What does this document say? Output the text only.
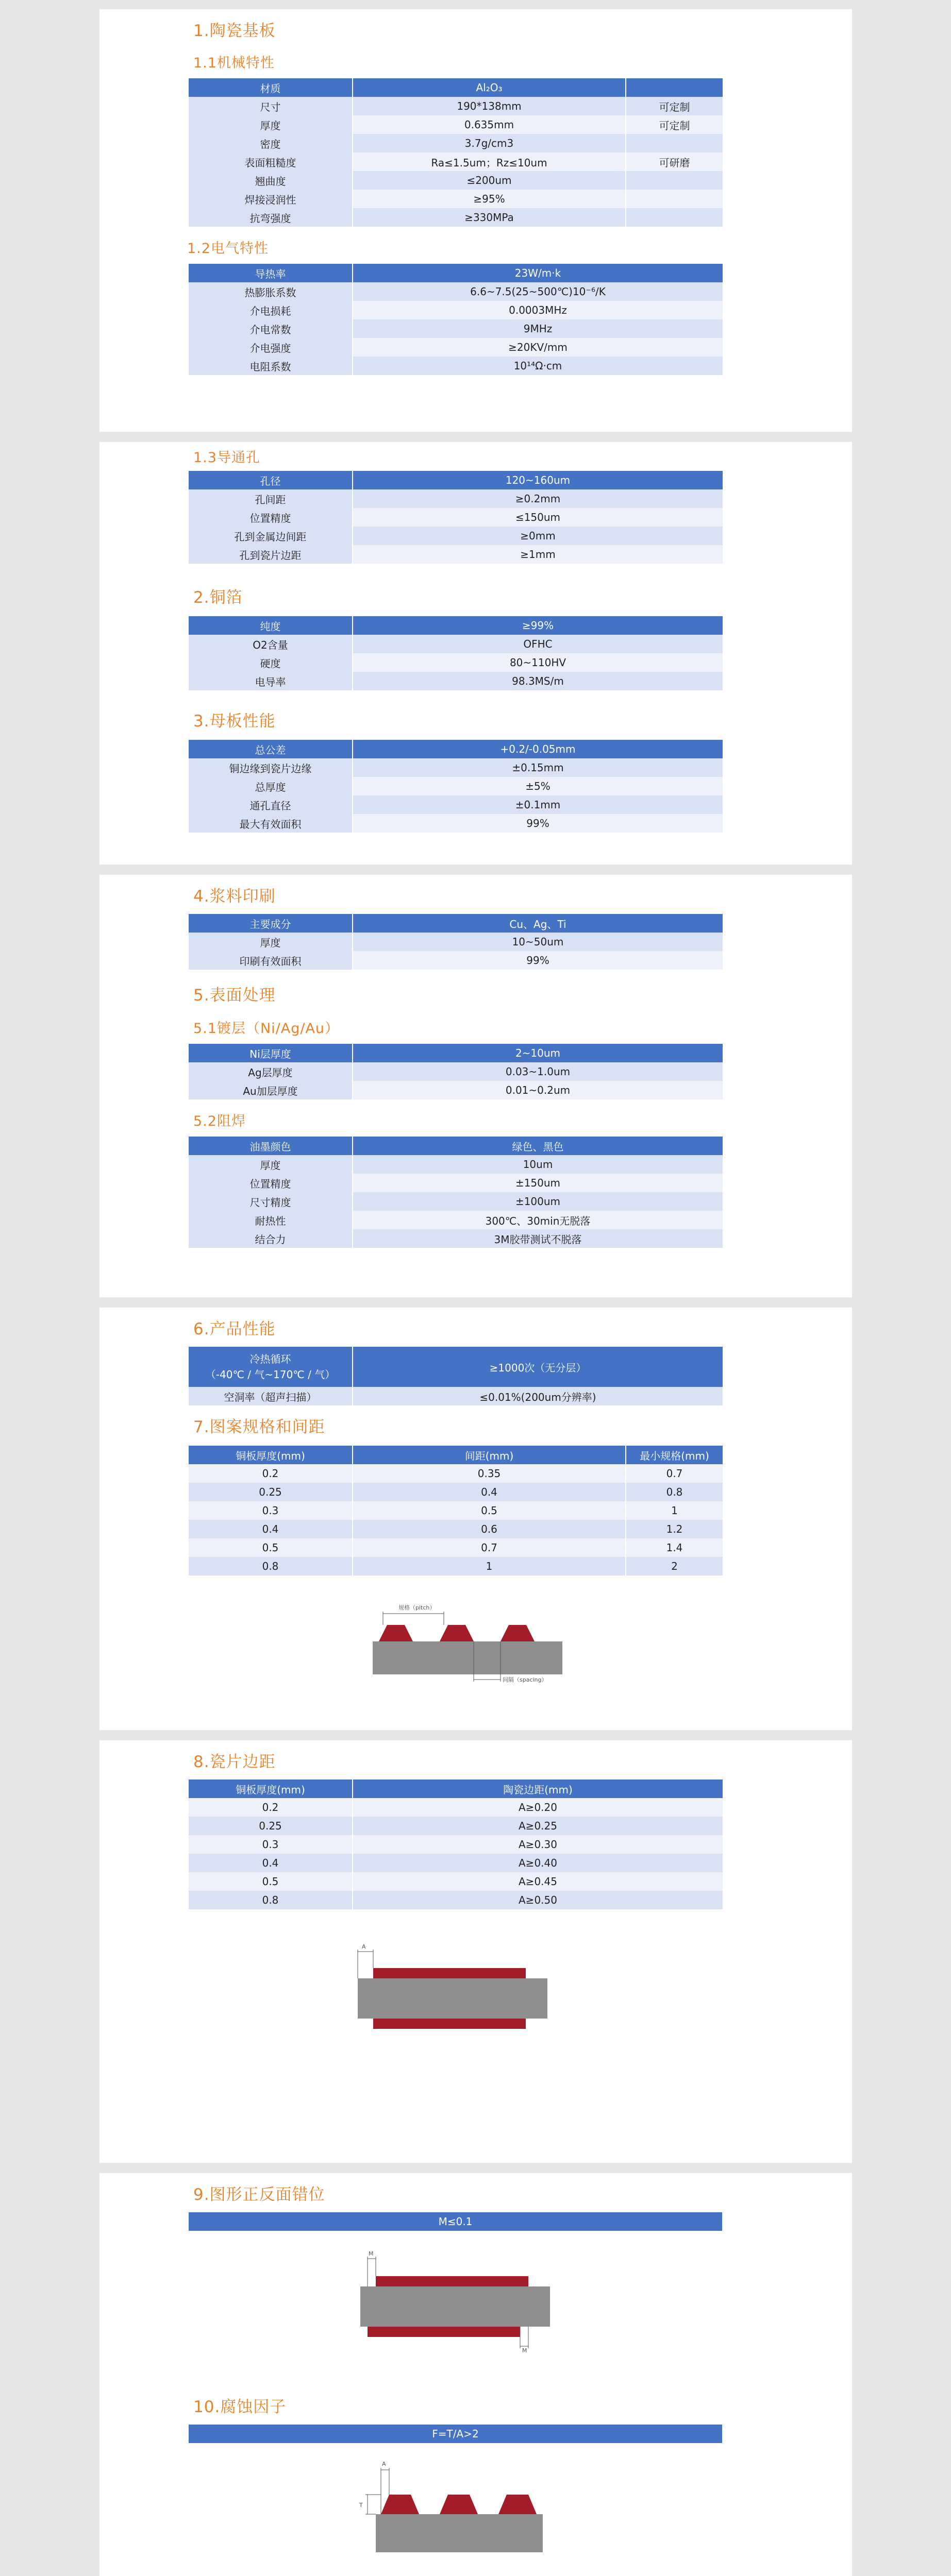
1.陶瓷基板
1.1机械特性
材质	Al₂O₃	
尺寸	190*138mm	可定制
厚度	0.635mm	可定制
密度	3.7g/cm3	
表面粗糙度	Ra≤1.5um；Rz≤10um	可研磨
翘曲度	≤200um	
焊接浸润性	≥95%	
抗弯强度	≥330MPa	
1.2电气特性
导热率	23W/m·k
热膨胀系数	6.6~7.5(25~500℃)10⁻⁶/K
介电损耗	0.0003MHz
介电常数	9MHz
介电强度	≥20KV/mm
电阻系数	10¹⁴Ω·cm
1.3导通孔
孔径	120~160um
孔间距	≥0.2mm
位置精度	≤150um
孔到金属边间距	≥0mm
孔到瓷片边距	≥1mm
2.铜箔
纯度	≥99%
O2含量	OFHC
硬度	80~110HV
电导率	98.3MS/m
3.母板性能
总公差	+0.2/-0.05mm
铜边缘到瓷片边缘	±0.15mm
总厚度	±5%
通孔直径	±0.1mm
最大有效面积	99%
4.浆料印刷
主要成分	Cu、Ag、Ti
厚度	10~50um
印刷有效面积	99%
5.表面处理
5.1镀层（Ni/Ag/Au）
Ni层厚度	2~10um
Ag层厚度	0.03~1.0um
Au加层厚度	0.01~0.2um
5.2阻焊
油墨颜色	绿色、黑色
厚度	10um
位置精度	±150um
尺寸精度	±100um
耐热性	300℃、30min无脱落
结合力	3M胶带测试不脱落
6.产品性能
冷热循环
（-40℃ / 气~170℃ / 气）	≥1000次（无分层）
空洞率（超声扫描）	≤0.01%(200um分辨率)
7.图案规格和间距
铜板厚度(mm)	间距(mm)	最小规格(mm)
0.2	0.35	0.7
0.25	0.4	0.8
0.3	0.5	1
0.4	0.6	1.2
0.5	0.7	1.4
0.8	1	2
规格（pitch）
间隔（spacing）
8.瓷片边距
铜板厚度(mm)	陶瓷边距(mm)
0.2	A≥0.20
0.25	A≥0.25
0.3	A≥0.30
0.4	A≥0.40
0.5	A≥0.45
0.8	A≥0.50
A
9.图形正反面错位
M≤0.1
M
M
10.腐蚀因子
F=T/A>2
A
T
